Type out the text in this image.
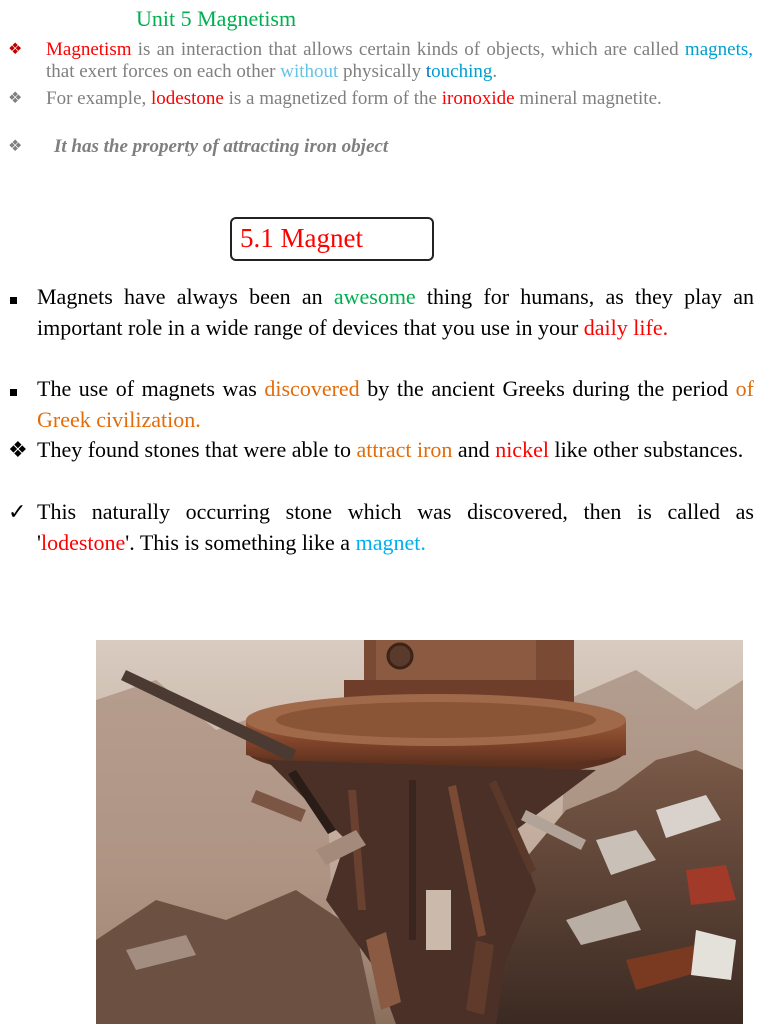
Unit 5 Magnetism
❖	Magnetism is an interaction that allows certain kinds of objects, which are called magnets, that exert forces on each other without physically touching.
❖	For example, lodestone is a magnetized form of the ironoxide mineral magnetite.
❖	It has the property of attracting iron object
5.1 Magnet
Magnets have always been an awesome thing for humans, as they play an important role in a wide range of devices that you use in your daily life.
The use of magnets was discovered by the ancient Greeks during the period of Greek civilization.
❖ They found stones that were able to attract iron and nickel like other substances.
✓ This naturally occurring stone which was discovered, then is called as 'lodestone'. This is something like a magnet.
